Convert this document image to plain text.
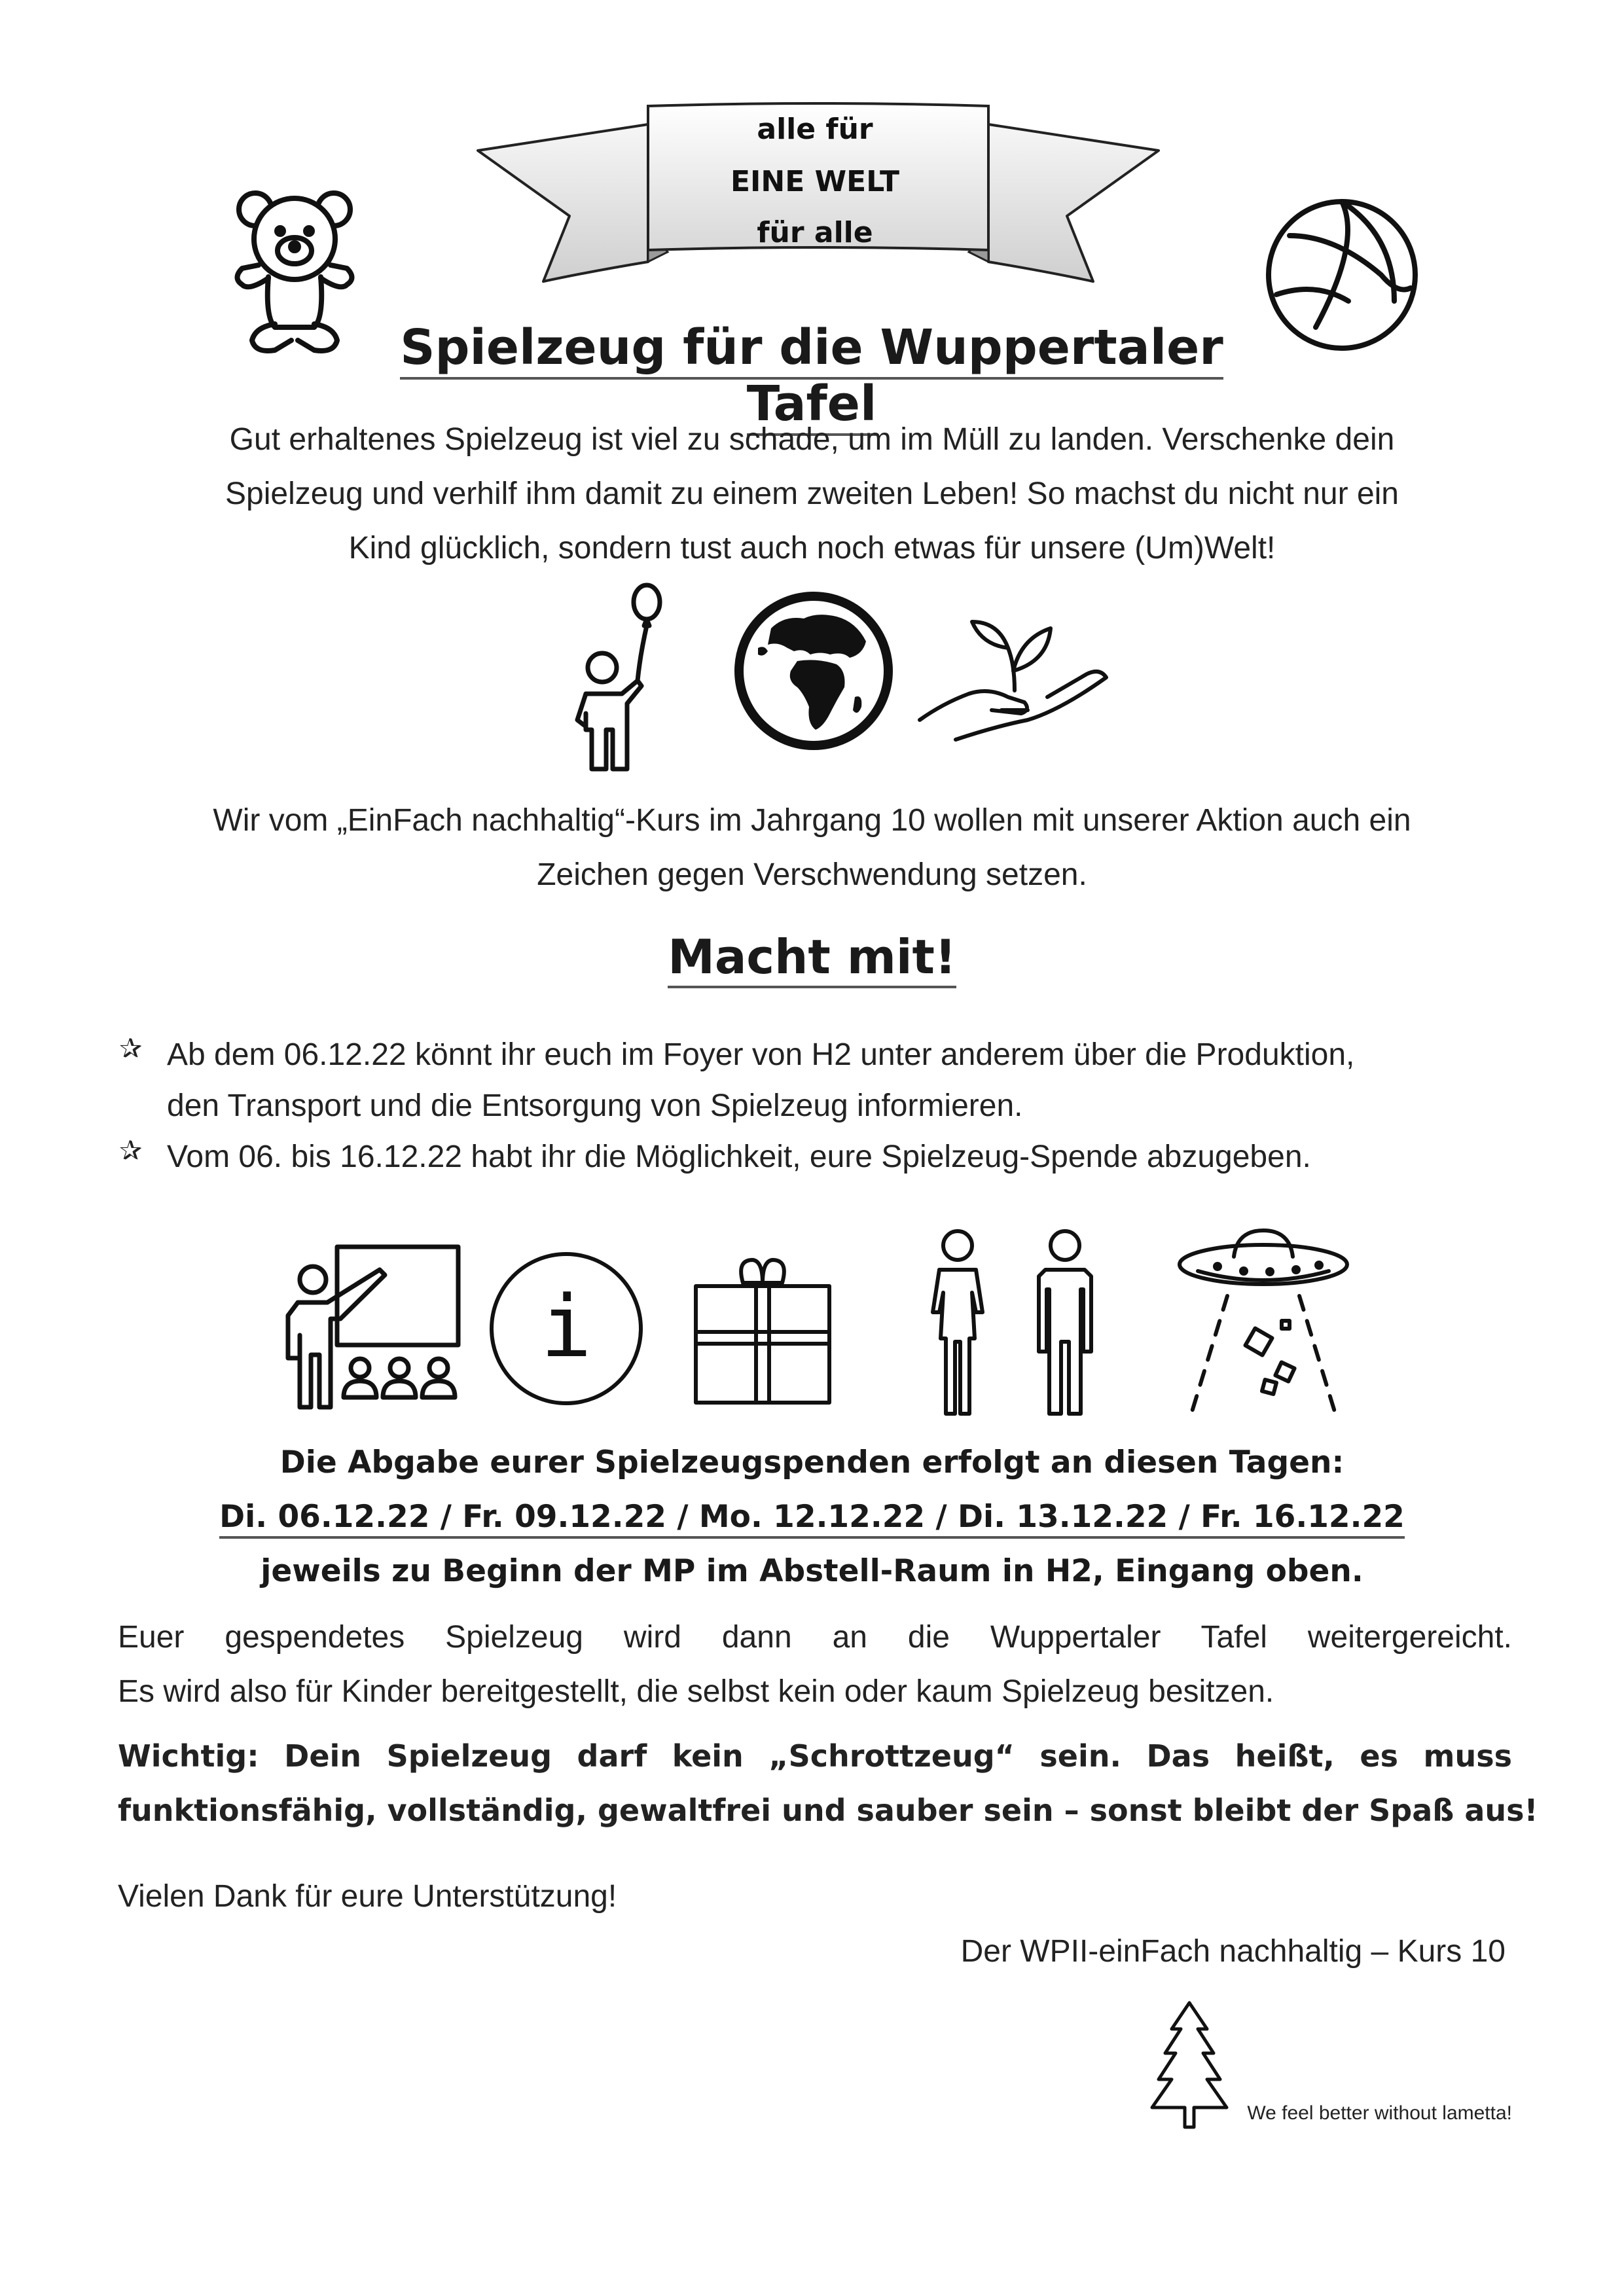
alle für
EINE WELT
für alle
Spielzeug für die Wuppertaler Tafel
Gut erhaltenes Spielzeug ist viel zu schade, um im Müll zu landen. Verschenke dein
Spielzeug und verhilf ihm damit zu einem zweiten Leben! So machst du nicht nur ein
Kind glücklich, sondern tust auch noch etwas für unsere (Um)Welt!
Wir vom „EinFach nachhaltig“-Kurs im Jahrgang 10 wollen mit unserer Aktion auch ein
Zeichen gegen Verschwendung setzen.
Macht mit!
✰ Ab dem 06.12.22 könnt ihr euch im Foyer von H2 unter anderem über die Produktion,
den Transport und die Entsorgung von Spielzeug informieren.
✰ Vom 06. bis 16.12.22 habt ihr die Möglichkeit, eure Spielzeug-Spende abzugeben.
i
Die Abgabe eurer Spielzeugspenden erfolgt an diesen Tagen:
Di. 06.12.22 / Fr. 09.12.22 / Mo. 12.12.22 / Di. 13.12.22 / Fr. 16.12.22
jeweils zu Beginn der MP im Abstell-Raum in H2, Eingang oben.
Euer gespendetes Spielzeug wird dann an die Wuppertaler Tafel weitergereicht.
Es wird also für Kinder bereitgestellt, die selbst kein oder kaum Spielzeug besitzen.
Wichtig: Dein Spielzeug darf kein „Schrottzeug“ sein. Das heißt, es muss
funktionsfähig, vollständig, gewaltfrei und sauber sein – sonst bleibt der Spaß aus!
Vielen Dank für eure Unterstützung!
Der WPII-einFach nachhaltig – Kurs 10
We feel better without lametta!
